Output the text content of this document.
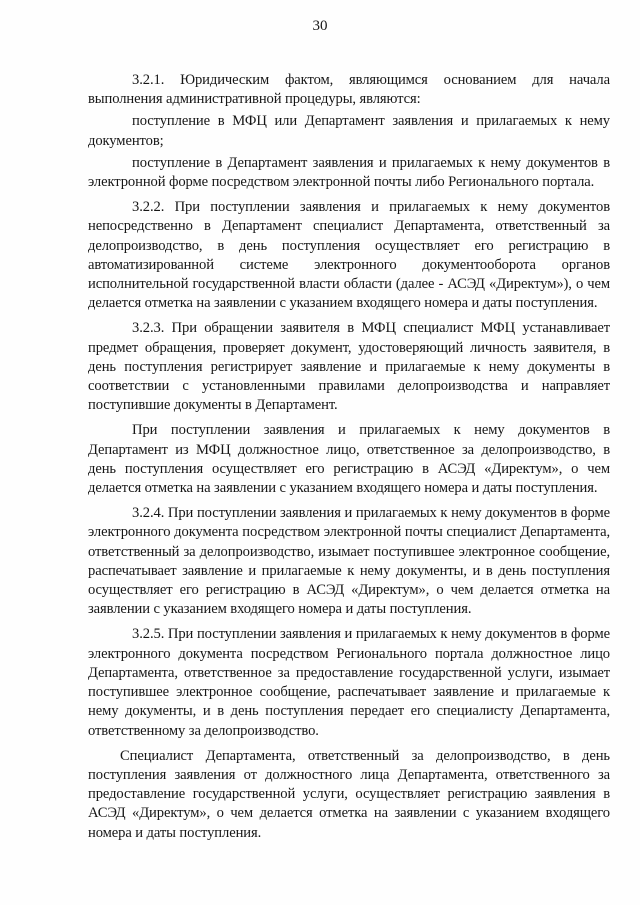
30

3.2.1. Юридическим фактом, являющимся основанием для начала выполнения административной процедуры, являются:

поступление в МФЦ или Департамент заявления и прилагаемых к нему документов;

поступление в Департамент заявления и прилагаемых к нему документов в электронной форме посредством электронной почты либо Регионального портала.

3.2.2. При поступлении заявления и прилагаемых к нему документов непосредственно в Департамент специалист Департамента, ответственный за делопроизводство, в день поступления осуществляет его регистрацию в автоматизированной системе электронного документооборота органов исполнительной государственной власти области (далее - АСЭД «Директум»), о чем делается отметка на заявлении с указанием входящего номера и даты поступления.

3.2.3. При обращении заявителя в МФЦ специалист МФЦ устанавливает предмет обращения, проверяет документ, удостоверяющий личность заявителя, в день поступления регистрирует заявление и прилагаемые к нему документы в соответствии с установленными правилами делопроизводства и направляет поступившие документы в Департамент.

При поступлении заявления и прилагаемых к нему документов в Департамент из МФЦ должностное лицо, ответственное за делопроизводство, в день поступления осуществляет его регистрацию в АСЭД «Директум», о чем делается отметка на заявлении с указанием входящего номера и даты поступления.

3.2.4. При поступлении заявления и прилагаемых к нему документов в форме электронного документа посредством электронной почты специалист Департамента, ответственный за делопроизводство, изымает поступившее электронное сообщение, распечатывает заявление и прилагаемые к нему документы, и в день поступления осуществляет его регистрацию в АСЭД «Директум», о чем делается отметка на заявлении с указанием входящего номера и даты поступления.

3.2.5. При поступлении заявления и прилагаемых к нему документов в форме электронного документа посредством Регионального портала должностное лицо Департамента, ответственное за предоставление государственной услуги, изымает поступившее электронное сообщение, распечатывает заявление и прилагаемые к нему документы, и в день поступления передает его специалисту Департамента, ответственному за делопроизводство.

Специалист Департамента, ответственный за делопроизводство, в день поступления заявления от должностного лица Департамента, ответственного за предоставление государственной услуги, осуществляет регистрацию заявления в АСЭД «Директум», о чем делается отметка на заявлении с указанием входящего номера и даты поступления.
